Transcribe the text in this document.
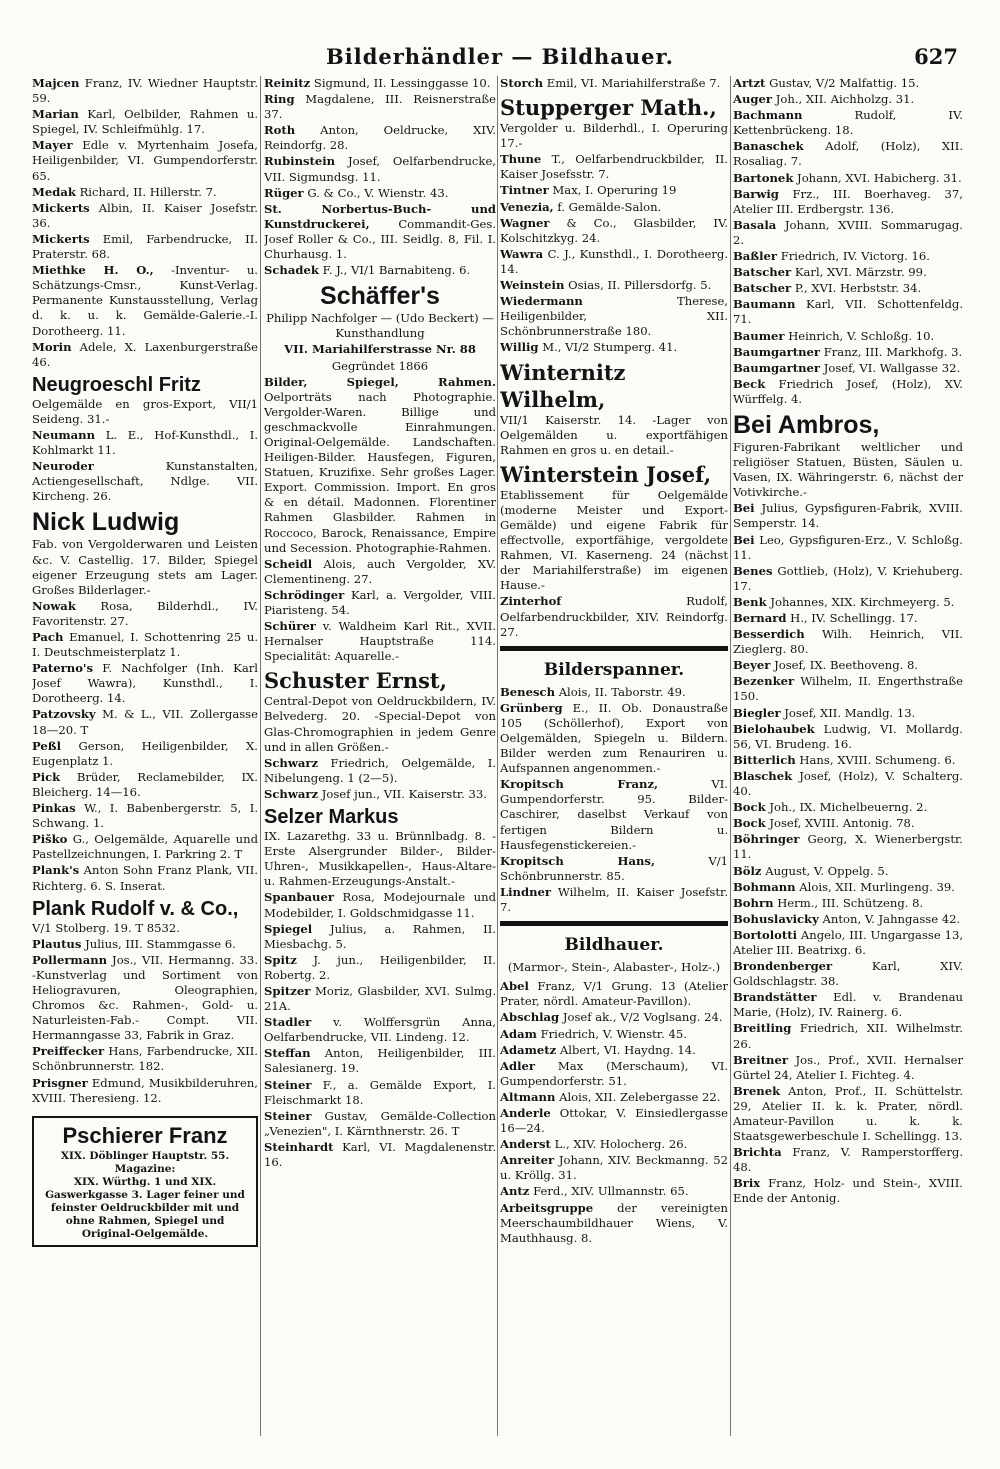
Bilderhändler — Bildhauer.	627
Majcen Franz, IV. Wiedner Hauptstr. 59.
Marian Karl, Oelbilder, Rahmen u. Spiegel, IV. Schleifmühlg. 17.
Mayer Edle v. Myrtenhaim Josefa, Heiligenbilder, VI. Gumpendorferstr. 65.
Medak Richard, II. Hillerstr. 7.
Mickerts Albin, II. Kaiser Josefstr. 36.
Mickerts Emil, Farbendrucke, II. Praterstr. 68.
Miethke H. O., -Inventur- u. Schätzungs-Cmsr., Kunst-Verlag. Permanente Kunstausstellung, Verlag d. k. u. k. Gemälde-Galerie.-I. Dorotheerg. 11.
Morin Adele, X. Laxenburgerstraße 46.
Neugroeschl Fritz
Oelgemälde en gros-Export, VII/1 Seideng. 31.-
Neumann L. E., Hof-Kunsthdl., I. Kohlmarkt 11.
Neuroder	Kunstanstalten, Actiengesellschaft, Ndlge. VII. Kircheng. 26.
Nick Ludwig
Fab. von Vergolderwaren und Leisten &c. V. Castellig. 17. Bilder, Spiegel eigener Erzeugung stets am Lager. Großes Bilderlager.-
Nowak Rosa, Bilderhdl., IV. Favoritenstr. 27.
Pach Emanuel, I. Schottenring 25 u. I. Deutschmeisterplatz 1.
Paterno's F. Nachfolger (Inh. Karl Josef Wawra), Kunsthdl., I. Dorotheerg. 14.
Patzovsky M. & L., VII. Zollergasse 18—20. T
Peßl Gerson, Heiligenbilder, X. Eugenplatz 1.
Pick Brüder, Reclamebilder, IX. Bleicherg. 14—16.
Pinkas W., I. Babenbergerstr. 5, I. Schwang. 1.
Piško G., Oelgemälde, Aquarelle und Pastellzeichnungen, I. Parkring 2. T
Plank's Anton Sohn Franz Plank, VII. Richterg. 6. S. Inserat.
Plank Rudolf v. & Co.,
V/1 Stolberg. 19. T 8532.
Plautus Julius, III. Stammgasse 6.
Pollermann Jos., VII. Hermanng. 33. -Kunstverlag und Sortiment von Heliogravuren, Oleographien, Chromos &c. Rahmen-, Gold- u. Naturleisten-Fab.- Compt. VII. Hermanngasse 33, Fabrik in Graz.
Preiffecker Hans, Farbendrucke, XII. Schönbrunnerstr. 182.
Prisgner Edmund, Musikbilderuhren, XVIII. Theresieng. 12.
Pschierer Franz
XIX. Döblinger Hauptstr. 55.
Magazine:
XIX. Würthg. 1 und XIX. Gaswerkgasse 3. Lager feiner und feinster Oeldruckbilder mit und ohne Rahmen, Spiegel und Original-Oelgemälde.
Reinitz Sigmund, II. Lessinggasse 10.
Ring Magdalene, III. Reisnerstraße 37.
Roth Anton, Oeldrucke, XIV. Reindorfg. 28.
Rubinstein Josef, Oelfarbendrucke, VII. Sigmundsg. 11.
Rüger G. & Co., V. Wienstr. 43.
St. Norbertus-Buch- und Kunstdruckerei, Commandit-Ges. Josef Roller & Co., III. Seidlg. 8, Fil. I. Churhausg. 1.
Schadek F. J., VI/1 Barnabiteng. 6.
Schäffer's
Philipp Nachfolger — (Udo Beckert) — Kunsthandlung
VII. Mariahilferstrasse Nr. 88
Gegründet 1866
Bilder, Spiegel, Rahmen. Oelporträts nach Photographie. Vergolder-Waren. Billige und geschmackvolle Einrahmungen. Original-Oelgemälde. Landschaften. Heiligen-Bilder. Hausfegen, Figuren, Statuen, Kruzifixe. Sehr großes Lager. Export. Commission. Import. En gros & en détail. Madonnen. Florentiner Rahmen Glasbilder. Rahmen in Roccoco, Barock, Renaissance, Empire und Secession. Photographie-Rahmen.
Scheidl Alois, auch Vergolder, XV. Clementineng. 27.
Schrödinger Karl, a. Vergolder, VIII. Piaristeng. 54.
Schürer v. Waldheim Karl Rit., XVII. Hernalser Hauptstraße 114. Specialität: Aquarelle.-
Schuster Ernst,
Central-Depot von Oeldruckbildern, IV. Belvederg. 20. -Special-Depot von Glas-Chromographien in jedem Genre und in allen Größen.-
Schwarz Friedrich, Oelgemälde, I. Nibelungeng. 1 (2—5).
Schwarz Josef jun., VII. Kaiserstr. 33.
Selzer Markus
IX. Lazarethg. 33 u. Brünnlbadg. 8. -Erste Alsergrunder Bilder-, Bilder-Uhren-, Musikkapellen-, Haus-Altare- u. Rahmen-Erzeugungs-Anstalt.-
Spanbauer Rosa, Modejournale und Modebilder, I. Goldschmidgasse 11.
Spiegel Julius, a. Rahmen, II. Miesbachg. 5.
Spitz J. jun., Heiligenbilder, II. Robertg. 2.
Spitzer Moriz, Glasbilder, XVI. Sulmg. 21A.
Stadler v. Wolffersgrün Anna, Oelfarbendrucke, VII. Lindeng. 12.
Steffan Anton, Heiligenbilder, III. Salesianerg. 19.
Steiner F., a. Gemälde Export, I. Fleischmarkt 18.
Steiner Gustav, Gemälde-Collection „Venezien", I. Kärnthnerstr. 26. T
Steinhardt Karl, VI. Magdalenenstr. 16.
Storch Emil, VI. Mariahilferstraße 7.
Stupperger Math.,
Vergolder u. Bilderhdl., I. Operuring 17.-
Thune T., Oelfarbendruckbilder, II. Kaiser Josefsstr. 7.
Tintner Max, I. Operuring 19
Venezia, f. Gemälde-Salon.
Wagner & Co., Glasbilder, IV. Kolschitzkyg. 24.
Wawra C. J., Kunsthdl., I. Dorotheerg. 14.
Weinstein Osias, II. Pillersdorfg. 5.
Wiedermann	Therese, Heiligenbilder, XII. Schönbrunnerstraße 180.
Willig M., VI/2 Stumperg. 41.
Winternitz Wilhelm,
VII/1 Kaiserstr. 14. -Lager von Oelgemälden u. exportfähigen Rahmen en gros u. en detail.-
Winterstein Josef,
Etablissement für Oelgemälde (moderne Meister und Export-Gemälde) und eigene Fabrik für effectvolle, exportfähige, vergoldete Rahmen, VI. Kaserneng. 24 (nächst der Mariahilferstraße) im eigenen Hause.-
Zinterhof	Rudolf, Oelfarbendruckbilder, XIV. Reindorfg. 27.
Bilderspanner.
Benesch Alois, II. Taborstr. 49.
Grünberg E., II. Ob. Donaustraße 105 (Schöllerhof), Export von Oelgemälden, Spiegeln u. Bildern. Bilder werden zum Renauriren u. Aufspannen angenommen.-
Kropitsch Franz,	VI. Gumpendorferstr. 95. Bilder-Caschirer, daselbst Verkauf von fertigen Bildern u. Hausfegenstickereien.-
Kropitsch Hans,	V/1 Schönbrunnerstr. 85.
Lindner Wilhelm, II. Kaiser Josefstr. 7.
Bildhauer.
(Marmor-, Stein-, Alabaster-, Holz-.)
Abel Franz, V/1 Grung. 13 (Atelier Prater, nördl. Amateur-Pavillon).
Abschlag Josef ak., V/2 Voglsang. 24.
Adam Friedrich, V. Wienstr. 45.
Adametz Albert, VI. Haydng. 14.
Adler Max (Merschaum), VI. Gumpendorferstr. 51.
Altmann Alois, XII. Zelebergasse 22.
Anderle Ottokar, V. Einsiedlergasse 16—24.
Anderst L., XIV. Holocherg. 26.
Anreiter Johann, XIV. Beckmanng. 52 u. Kröllg. 31.
Antz Ferd., XIV. Ullmannstr. 65.
Arbeitsgruppe der vereinigten Meerschaumbildhauer Wiens, V. Mauthhausg. 8.
Artzt Gustav, V/2 Malfattig. 15.
Auger Joh., XII. Aichholzg. 31.
Bachmann	Rudolf, IV. Kettenbrückeng. 18.
Banaschek Adolf, (Holz), XII. Rosaliag. 7.
Bartonek Johann, XVI. Habicherg. 31.
Barwig Frz., III. Boerhaveg. 37, Atelier III. Erdbergstr. 136.
Basala Johann, XVIII. Sommarugag. 2.
Baßler Friedrich, IV. Victorg. 16.
Batscher Karl, XVI. Märzstr. 99.
Batscher P., XVI. Herbststr. 34.
Baumann Karl, VII. Schottenfeldg. 71.
Baumer Heinrich, V. Schloßg. 10.
Baumgartner Franz, III. Markhofg. 3.
Baumgartner Josef, VI. Wallgasse 32.
Beck Friedrich Josef, (Holz), XV. Würffelg. 4.
Bei Ambros,
Figuren-Fabrikant weltlicher und religiöser Statuen, Büsten, Säulen u. Vasen, IX. Währingerstr. 6, nächst der Votivkirche.-
Bei Julius, Gypsfiguren-Fabrik, XVIII. Semperstr. 14.
Bei Leo, Gypsfiguren-Erz., V. Schloßg. 11.
Benes Gottlieb, (Holz), V. Kriehuberg. 17.
Benk Johannes, XIX. Kirchmeyerg. 5.
Bernard H., IV. Schellingg. 17.
Besserdich Wilh. Heinrich, VII. Zieglerg. 80.
Beyer Josef, IX. Beethoveng. 8.
Bezenker Wilhelm, II. Engerthstraße 150.
Biegler Josef, XII. Mandlg. 13.
Bielohaubek Ludwig, VI. Mollardg. 56, VI. Brudeng. 16.
Bitterlich Hans, XVIII. Schumeng. 6.
Blaschek Josef, (Holz), V. Schalterg. 40.
Bock Joh., IX. Michelbeuerng. 2.
Bock Josef, XVIII. Antonig. 78.
Böhringer Georg, X. Wienerbergstr. 11.
Bölz August, V. Oppelg. 5.
Bohmann Alois, XII. Murlingeng. 39.
Bohrn Herm., III. Schützeng. 8.
Bohuslavicky Anton, V. Jahngasse 42.
Bortolotti Angelo, III. Ungargasse 13, Atelier III. Beatrixg. 6.
Brondenberger	Karl, XIV. Goldschlagstr. 38.
Brandstätter Edl. v. Brandenau Marie, (Holz), IV. Rainerg. 6.
Breitling Friedrich, XII. Wilhelmstr. 26.
Breitner Jos., Prof., XVII. Hernalser Gürtel 24, Atelier I. Fichteg. 4.
Brenek Anton, Prof., II. Schüttelstr. 29, Atelier II. k. k. Prater, nördl. Amateur-Pavillon u. k. k. Staatsgewerbeschule I. Schellingg. 13.
Brichta Franz, V. Ramperstorfferg. 48.
Brix Franz, Holz- und Stein-, XVIII. Ende der Antonig.
